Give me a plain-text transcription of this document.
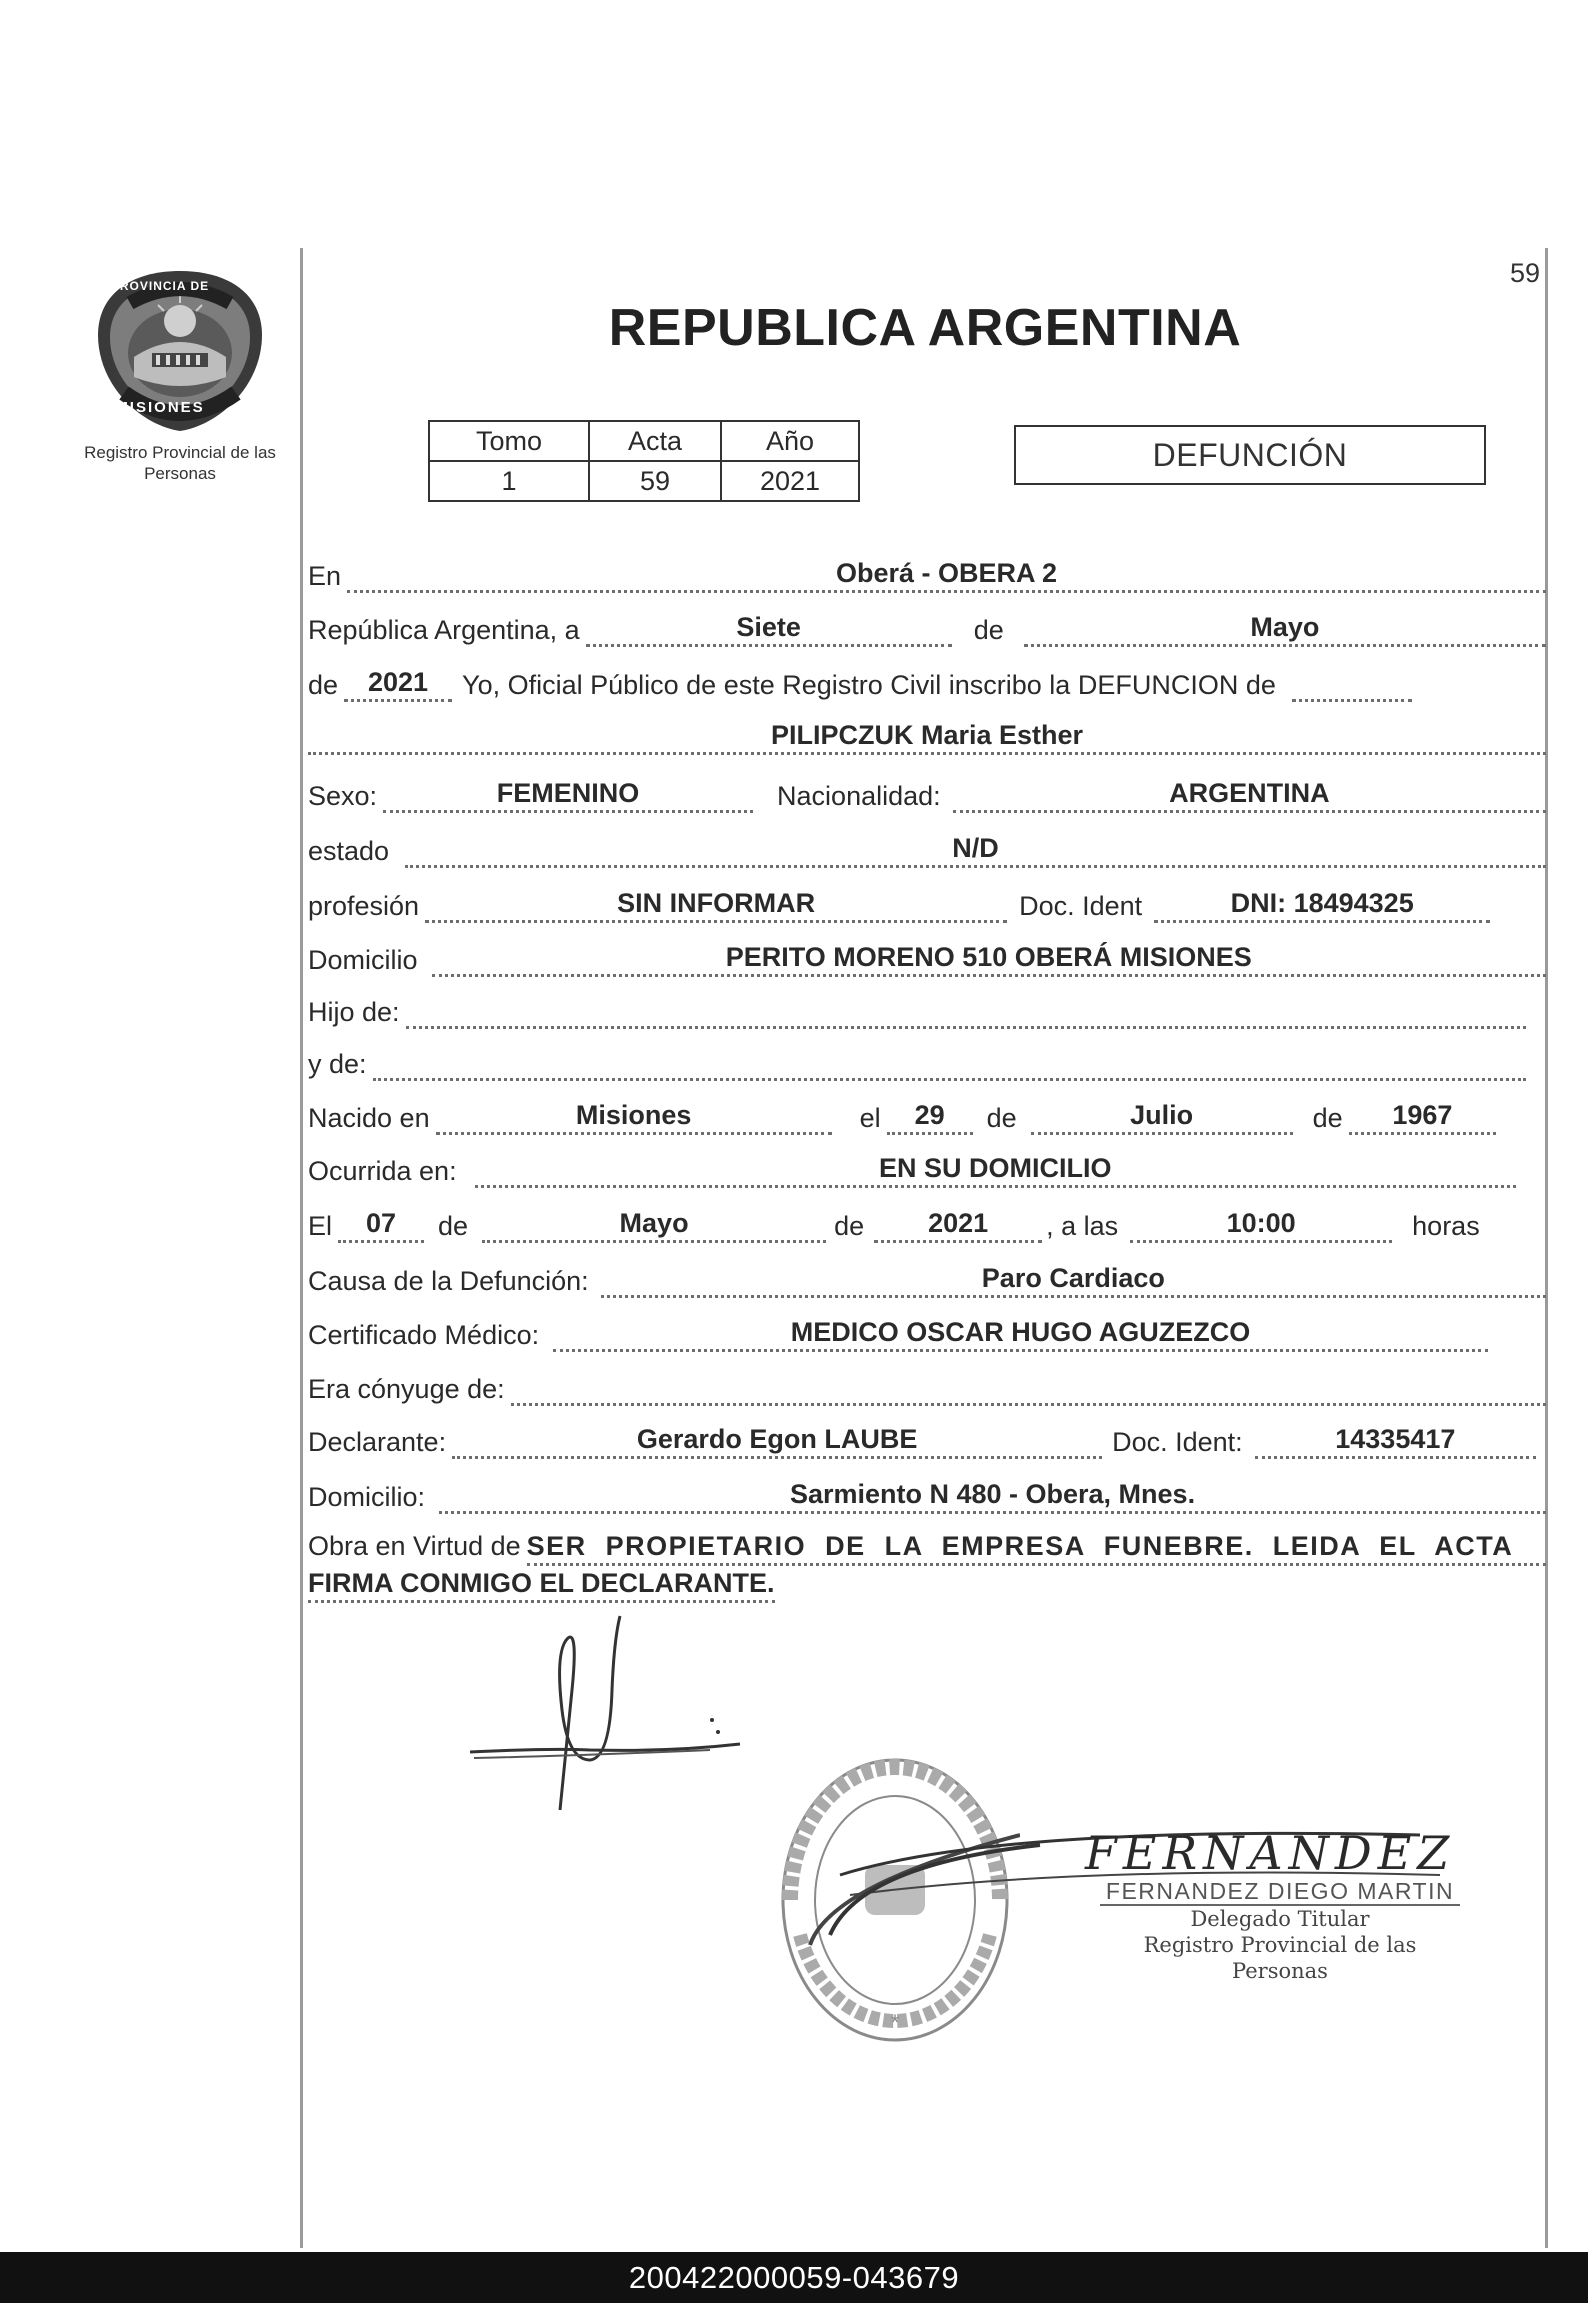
59
PROVINCIA DE
MISIONES
Registro Provincial de las Personas
REPUBLICA ARGENTINA
Tomo	Acta	Año
1	59	2021
DEFUNCIÓN
En	Oberá - OBERA 2
República Argentina, a	Siete	de	Mayo
de	2021	Yo, Oficial Público de este Registro Civil inscribo la DEFUNCION de
PILIPCZUK Maria Esther
Sexo:	FEMENINO	Nacionalidad:	ARGENTINA
estado	N/D
profesión	SIN INFORMAR	Doc. Ident	DNI: 18494325
Domicilio	PERITO MORENO 510 OBERÁ MISIONES
Hijo de:
y de:
Nacido en	Misiones	el	29	de	Julio	de	1967
Ocurrida en:	EN SU DOMICILIO
El	07	de	Mayo	de	2021	, a las	10:00	horas
Causa de la Defunción:	Paro Cardiaco
Certificado Médico:	MEDICO OSCAR HUGO AGUZEZCO
Era cónyuge de:
Declarante:	Gerardo Egon LAUBE	Doc. Ident:	14335417
Domicilio:	Sarmiento N 480 - Obera, Mnes.
Obra en Virtud de SER PROPIETARIO DE LA EMPRESA FUNEBRE. LEIDA EL ACTA
FIRMA CONMIGO EL DECLARANTE.
*
FERNANDEZ
FERNANDEZ DIEGO MARTIN
Delegado Titular
Registro Provincial de las Personas
200422000059-043679
